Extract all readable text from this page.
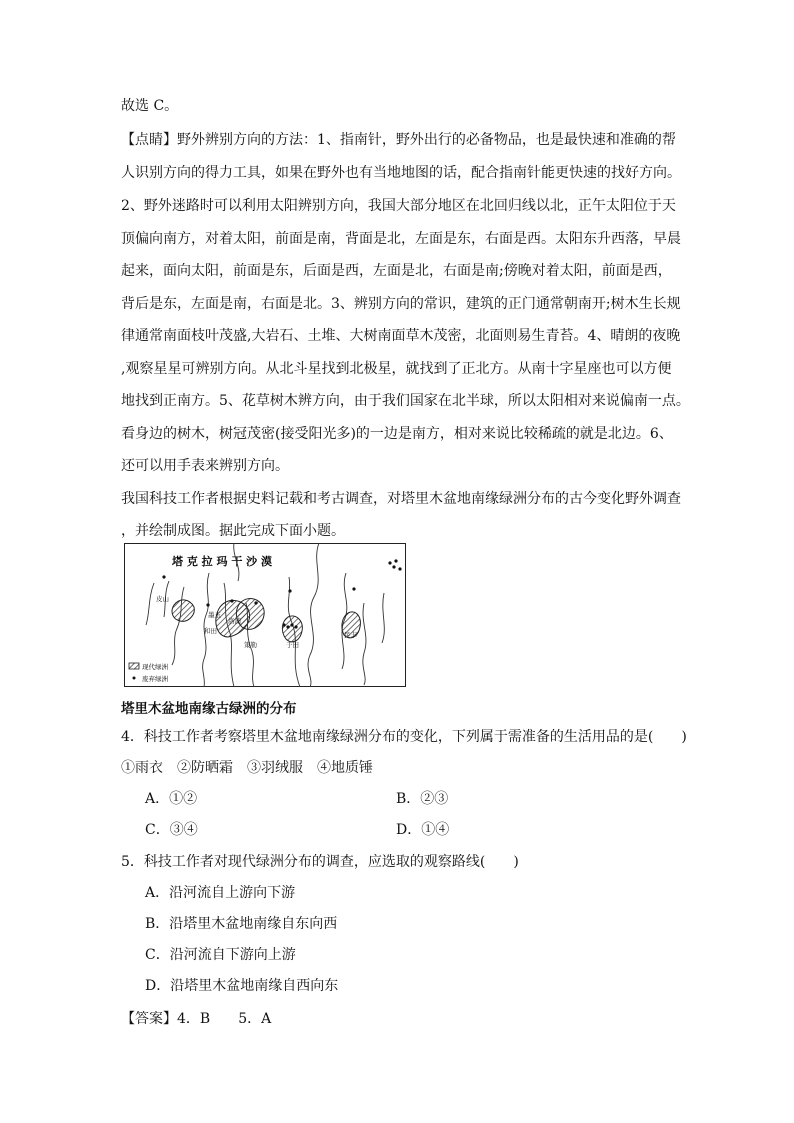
故选 C。
【点睛】野外辨别方向的方法：1、指南针，野外出行的必备物品，也是最快速和准确的帮
人识别方向的得力工具，如果在野外也有当地地图的话，配合指南针能更快速的找好方向。
2、野外迷路时可以利用太阳辨别方向，我国大部分地区在北回归线以北，正午太阳位于天
顶偏向南方，对着太阳，前面是南，背面是北，左面是东，右面是西。太阳东升西落，早晨
起来，面向太阳，前面是东，后面是西，左面是北，右面是南;傍晚对着太阳，前面是西，
背后是东，左面是南，右面是北。3、辨别方向的常识，建筑的正门通常朝南开;树木生长规
律通常南面枝叶茂盛,大岩石、土堆、大树南面草木茂密，北面则易生青苔。4、晴朗的夜晚
,观察星星可辨别方向。从北斗星找到北极星，就找到了正北方。从南十字星座也可以方便
地找到正南方。5、花草树木辨方向，由于我们国家在北半球，所以太阳相对来说偏南一点。
看身边的树木，树冠茂密(接受阳光多)的一边是南方，相对来说比较稀疏的就是北边。6、
还可以用手表来辨别方向。
我国科技工作者根据史料记载和考古调查，对塔里木盆地南缘绿洲分布的古今变化野外调查
，并绘制成图。据此完成下面小题。
塔 克 拉 玛 干 沙 漠
皮山
墨玉
和田
洛浦
策勒	于田
民丰
现代绿洲
废弃绿洲
塔里木盆地南缘古绿洲的分布
4．科技工作者考察塔里木盆地南缘绿洲分布的变化，下列属于需准备的生活用品的是(　　)
①雨衣　②防晒霜　③羽绒服　④地质锤
A．①②	B．②③
C．③④	D．①④
5．科技工作者对现代绿洲分布的调查，应选取的观察路线(　　)
A．沿河流自上游向下游
B．沿塔里木盆地南缘自东向西
C．沿河流自下游向上游
D．沿塔里木盆地南缘自西向东
【答案】4．B　　5．A
